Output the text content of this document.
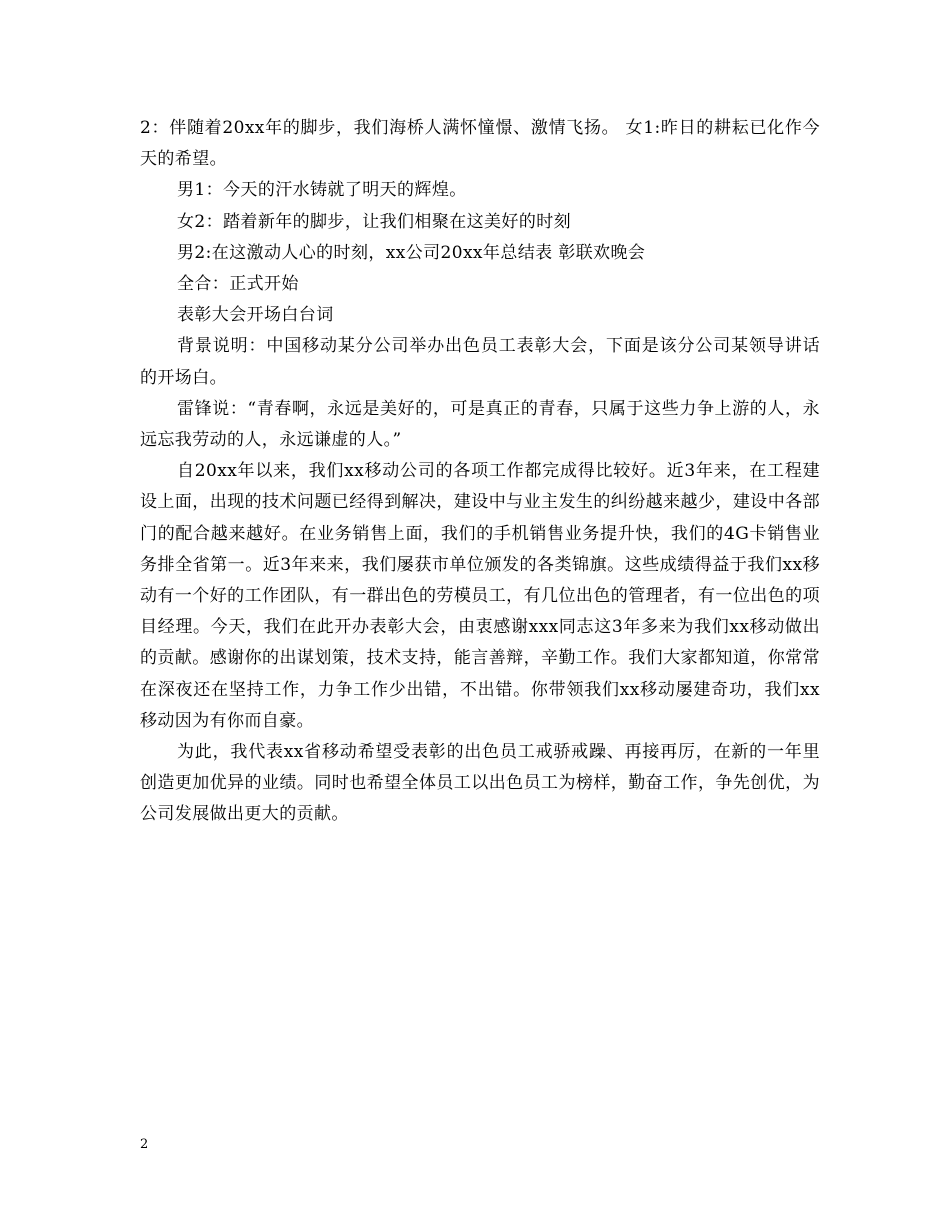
2：伴随着20xx年的脚步，我们海桥人满怀憧憬、激情飞扬。 女1:昨日的耕耘已化作今天的希望。

男1：今天的汗水铸就了明天的辉煌。

女2：踏着新年的脚步，让我们相聚在这美好的时刻

男2:在这激动人心的时刻，xx公司20xx年总结表 彰联欢晚会

全合：正式开始

表彰大会开场白台词

背景说明：中国移动某分公司举办出色员工表彰大会，下面是该分公司某领导讲话的开场白。

雷锋说：“青春啊，永远是美好的，可是真正的青春，只属于这些力争上游的人，永远忘我劳动的人，永远谦虚的人。”

自20xx年以来，我们xx移动公司的各项工作都完成得比较好。近3年来，在工程建设上面，出现的技术问题已经得到解决，建设中与业主发生的纠纷越来越少，建设中各部门的配合越来越好。在业务销售上面，我们的手机销售业务提升快，我们的4G卡销售业务排全省第一。近3年来来，我们屡获市单位颁发的各类锦旗。这些成绩得益于我们xx移动有一个好的工作团队，有一群出色的劳模员工，有几位出色的管理者，有一位出色的项目经理。今天，我们在此开办表彰大会，由衷感谢xxx同志这3年多来为我们xx移动做出的贡献。感谢你的出谋划策，技术支持，能言善辩，辛勤工作。我们大家都知道，你常常在深夜还在坚持工作，力争工作少出错，不出错。你带领我们xx移动屡建奇功，我们xx移动因为有你而自豪。

为此，我代表xx省移动希望受表彰的出色员工戒骄戒躁、再接再厉，在新的一年里创造更加优异的业绩。同时也希望全体员工以出色员工为榜样，勤奋工作，争先创优，为公司发展做出更大的贡献。

2
